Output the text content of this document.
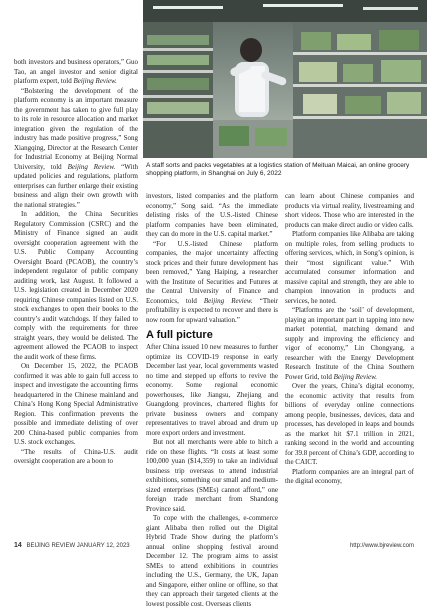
both investors and business operators,” Guo Tao, an angel investor and senior digital platform expert, told Beijing Review.

“Bolstering the development of the platform economy is an important measure the government has taken to give full play to its role in resource allocation and market integration given the regulation of the industry has made positive progress,” Song Xiangqing, Director at the Research Center for Industrial Economy at Beijing Normal University, told Beijing Review. “With updated policies and regulations, platform enterprises can further enlarge their existing business and align their own growth with the national strategies.”

In addition, the China Securities Regulatory Commission (CSRC) and the Ministry of Finance signed an audit oversight cooperation agreement with the U.S. Public Company Accounting Oversight Board (PCAOB), the country’s independent regulator of public company auditing work, last August. It followed a U.S. legislation created in December 2020 requiring Chinese companies listed on U.S. stock exchanges to open their books to the country’s audit watchdogs. If they failed to comply with the requirements for three straight years, they would be delisted. The agreement allowed the PCAOB to inspect the audit work of these firms.

On December 15, 2022, the PCAOB confirmed it was able to gain full access to inspect and investigate the accounting firms headquartered in the Chinese mainland and China’s Hong Kong Special Administrative Region. This confirmation prevents the possible and immediate delisting of over 200 China-based public companies from U.S. stock exchanges.

“The results of China-U.S. audit oversight cooperation are a boon to

A staff sorts and packs vegetables at a logistics station of Meituan Maicai, an online grocery shopping platform, in Shanghai on July 6, 2022

investors, listed companies and the platform economy,” Song said. “As the immediate delisting risks of the U.S.-listed Chinese platform companies have been eliminated, they can do more in the U.S. capital market.”

“For U.S.-listed Chinese platform companies, the major uncertainty affecting stock prices and their future development has been removed,” Yang Haiping, a researcher with the Institute of Securities and Futures at the Central University of Finance and Economics, told Beijing Review. “Their profitability is expected to recover and there is now room for upward valuation.”

A full picture

After China issued 10 new measures to further optimize its COVID-19 response in early December last year, local governments wasted no time and stepped up efforts to revive the economy. Some regional economic powerhouses, like Jiangsu, Zhejiang and Guangdong provinces, chartered flights for private business owners and company representatives to travel abroad and drum up more export orders and investment.

But not all merchants were able to hitch a ride on these flights. “It costs at least some 100,000 yuan ($14,359) to take an individual business trip overseas to attend industrial exhibitions, something our small and medium-sized enterprises (SMEs) cannot afford,” one foreign trade merchant from Shandong Province said.

To cope with the challenges, e-commerce giant Alibaba then rolled out the Digital Hybrid Trade Show during the platform’s annual online shopping festival around December 12. The program aims to assist SMEs to attend exhibitions in countries including the U.S., Germany, the UK, Japan and Singapore, either online or offline, so that they can approach their targeted clients at the lowest possible cost. Overseas clients

can learn about Chinese companies and products via virtual reality, livestreaming and short videos. Those who are interested in the products can make direct audio or video calls.

Platform companies like Alibaba are taking on multiple roles, from selling products to offering services, which, in Song’s opinion, is their “most significant value.” With accumulated consumer information and massive capital and strength, they are able to champion innovation in products and services, he noted.

“Platforms are the ‘soil’ of development, playing an important part in tapping into new market potential, matching demand and supply and improving the efficiency and vigor of economy,” Lin Chongyang, a researcher with the Energy Development Research Institute of the China Southern Power Grid, told Beijing Review.

Over the years, China’s digital economy, the economic activity that results from billions of everyday online connections among people, businesses, devices, data and processes, has developed in leaps and bounds as the market hit $7.1 trillion in 2021, ranking second in the world and accounting for 39.8 percent of China’s GDP, according to the CAICT.

Platform companies are an integral part of the digital economy,

14 BEIJING REVIEW JANUARY 12, 2023	http://www.bjreview.com
